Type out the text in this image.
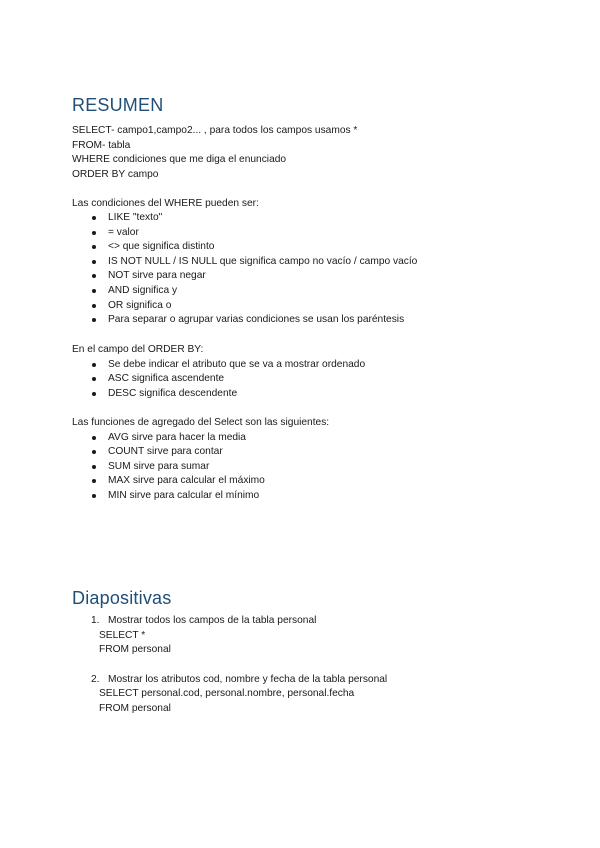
RESUMEN

SELECT- campo1,campo2... , para todos los campos usamos *

FROM- tabla

WHERE condiciones que me diga el enunciado

ORDER BY campo

Las condiciones del WHERE pueden ser:

LIKE "texto"
= valor
<> que significa distinto
IS NOT NULL / IS NULL que significa campo no vacío / campo vacío
NOT sirve para negar
AND significa y
OR significa o
Para separar o agrupar varias condiciones se usan los paréntesis

En el campo del ORDER BY:

Se debe indicar el atributo que se va a mostrar ordenado
ASC significa ascendente
DESC significa descendente

Las funciones de agregado del Select son las siguientes:

AVG sirve para hacer la media
COUNT sirve para contar
SUM sirve para sumar
MAX sirve para calcular el máximo
MIN sirve para calcular el mínimo
Diapositivas
1. Mostrar todos los campos de la tabla personal
SELECT *
FROM personal
2. Mostrar los atributos cod, nombre y fecha de la tabla personal
SELECT personal.cod, personal.nombre, personal.fecha
FROM personal
